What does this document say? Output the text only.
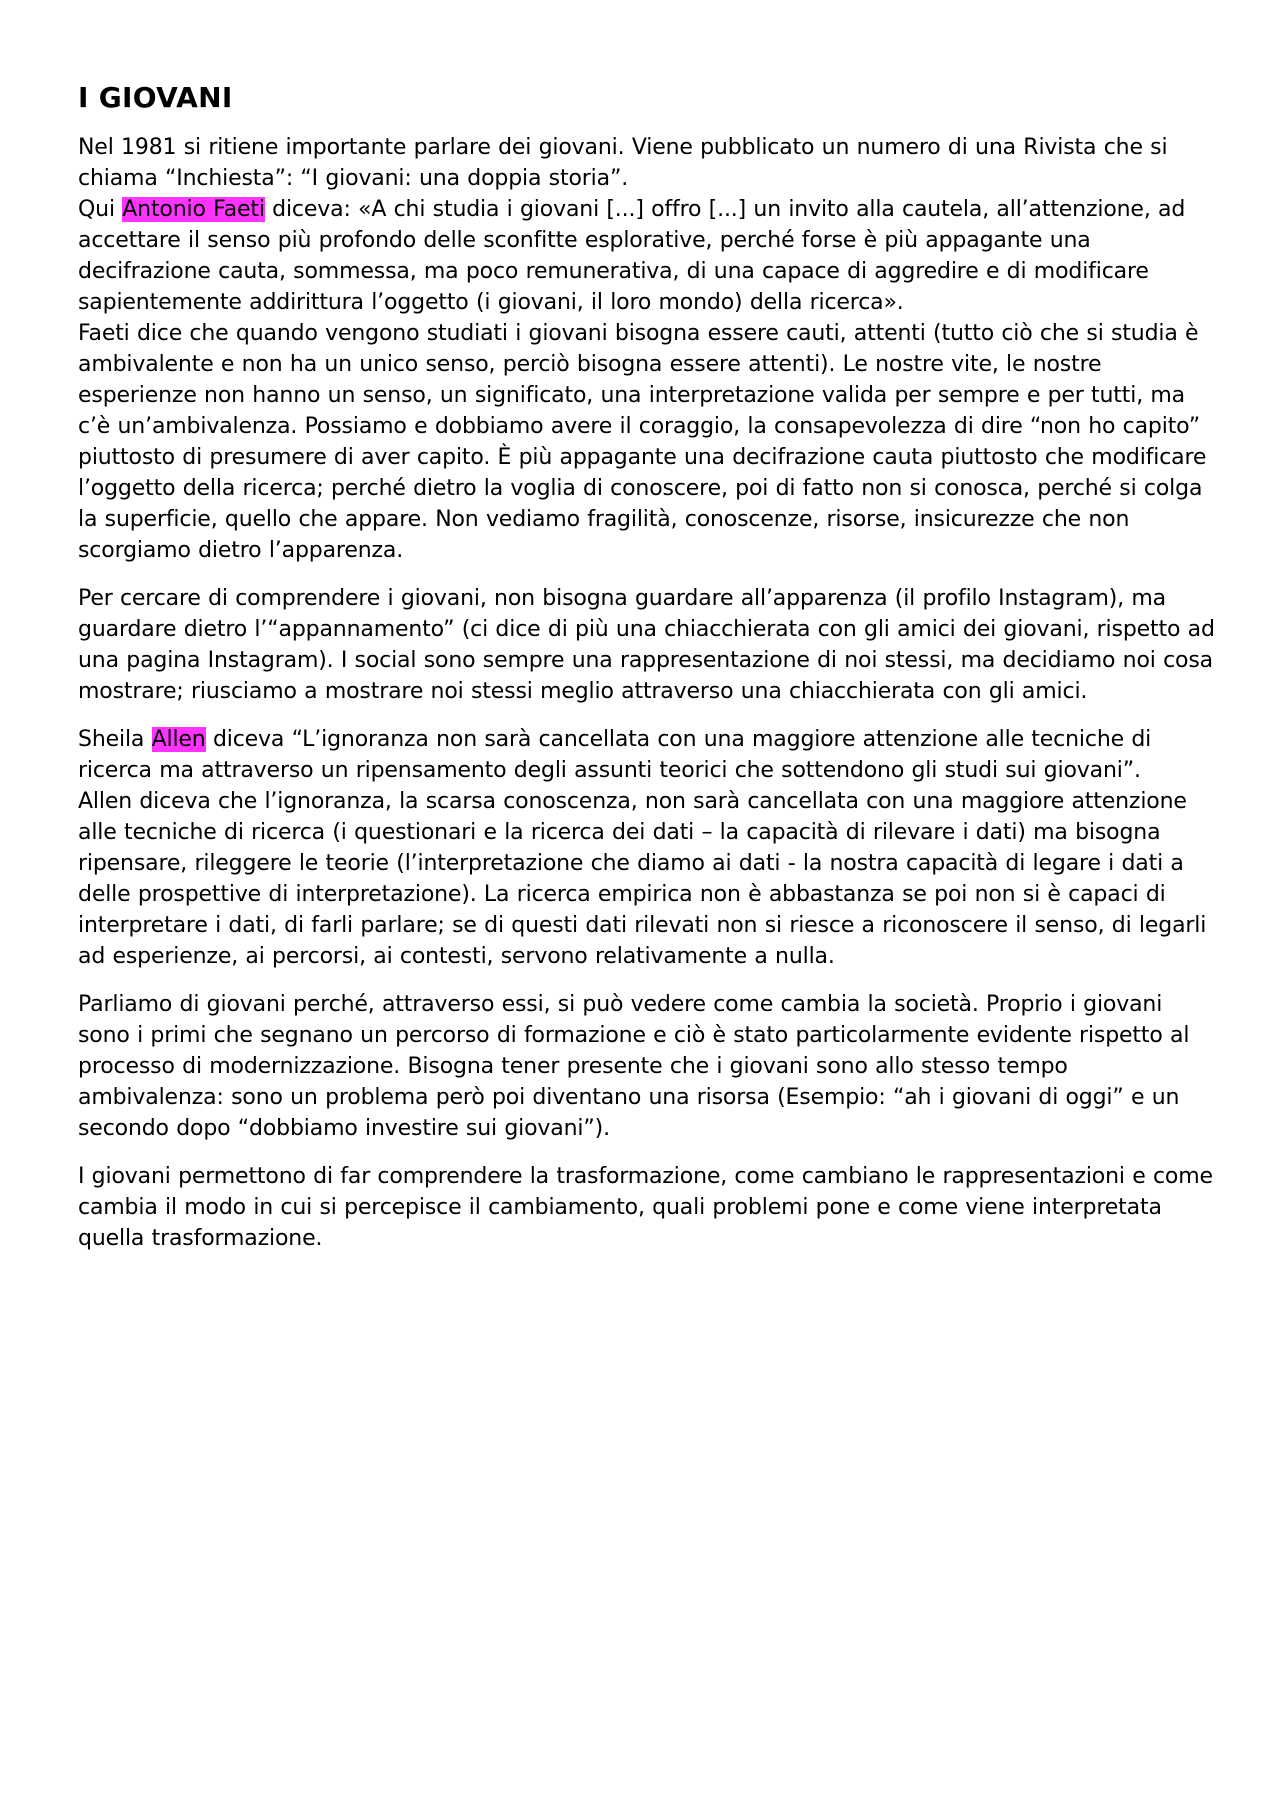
I GIOVANI

Nel 1981 si ritiene importante parlare dei giovani. Viene pubblicato un numero di una Rivista che si chiama “Inchiesta”: “I giovani: una doppia storia”.

Qui Antonio Faeti diceva: «A chi studia i giovani [...] offro [...] un invito alla cautela, all’attenzione, ad accettare il senso più profondo delle sconfitte esplorative, perché forse è più appagante una decifrazione cauta, sommessa, ma poco remunerativa, di una capace di aggredire e di modificare sapientemente addirittura l’oggetto (i giovani, il loro mondo) della ricerca».

Faeti dice che quando vengono studiati i giovani bisogna essere cauti, attenti (tutto ciò che si studia è ambivalente e non ha un unico senso, perciò bisogna essere attenti). Le nostre vite, le nostre esperienze non hanno un senso, un significato, una interpretazione valida per sempre e per tutti, ma c’è un’ambivalenza. Possiamo e dobbiamo avere il coraggio, la consapevolezza di dire “non ho capito” piuttosto di presumere di aver capito. È più appagante una decifrazione cauta piuttosto che modificare l’oggetto della ricerca; perché dietro la voglia di conoscere, poi di fatto non si conosca, perché si colga la superficie, quello che appare. Non vediamo fragilità, conoscenze, risorse, insicurezze che non scorgiamo dietro l’apparenza.

Per cercare di comprendere i giovani, non bisogna guardare all’apparenza (il profilo Instagram), ma guardare dietro l’“appannamento” (ci dice di più una chiacchierata con gli amici dei giovani, rispetto ad una pagina Instagram). I social sono sempre una rappresentazione di noi stessi, ma decidiamo noi cosa mostrare; riusciamo a mostrare noi stessi meglio attraverso una chiacchierata con gli amici.

Sheila Allen diceva “L’ignoranza non sarà cancellata con una maggiore attenzione alle tecniche di ricerca ma attraverso un ripensamento degli assunti teorici che sottendono gli studi sui giovani”.

Allen diceva che l’ignoranza, la scarsa conoscenza, non sarà cancellata con una maggiore attenzione alle tecniche di ricerca (i questionari e la ricerca dei dati – la capacità di rilevare i dati) ma bisogna ripensare, rileggere le teorie (l’interpretazione che diamo ai dati - la nostra capacità di legare i dati a delle prospettive di interpretazione). La ricerca empirica non è abbastanza se poi non si è capaci di interpretare i dati, di farli parlare; se di questi dati rilevati non si riesce a riconoscere il senso, di legarli ad esperienze, ai percorsi, ai contesti, servono relativamente a nulla.

Parliamo di giovani perché, attraverso essi, si può vedere come cambia la società. Proprio i giovani sono i primi che segnano un percorso di formazione e ciò è stato particolarmente evidente rispetto al processo di modernizzazione. Bisogna tener presente che i giovani sono allo stesso tempo ambivalenza: sono un problema però poi diventano una risorsa (Esempio: “ah i giovani di oggi” e un secondo dopo “dobbiamo investire sui giovani”).

I giovani permettono di far comprendere la trasformazione, come cambiano le rappresentazioni e come cambia il modo in cui si percepisce il cambiamento, quali problemi pone e come viene interpretata quella trasformazione.
